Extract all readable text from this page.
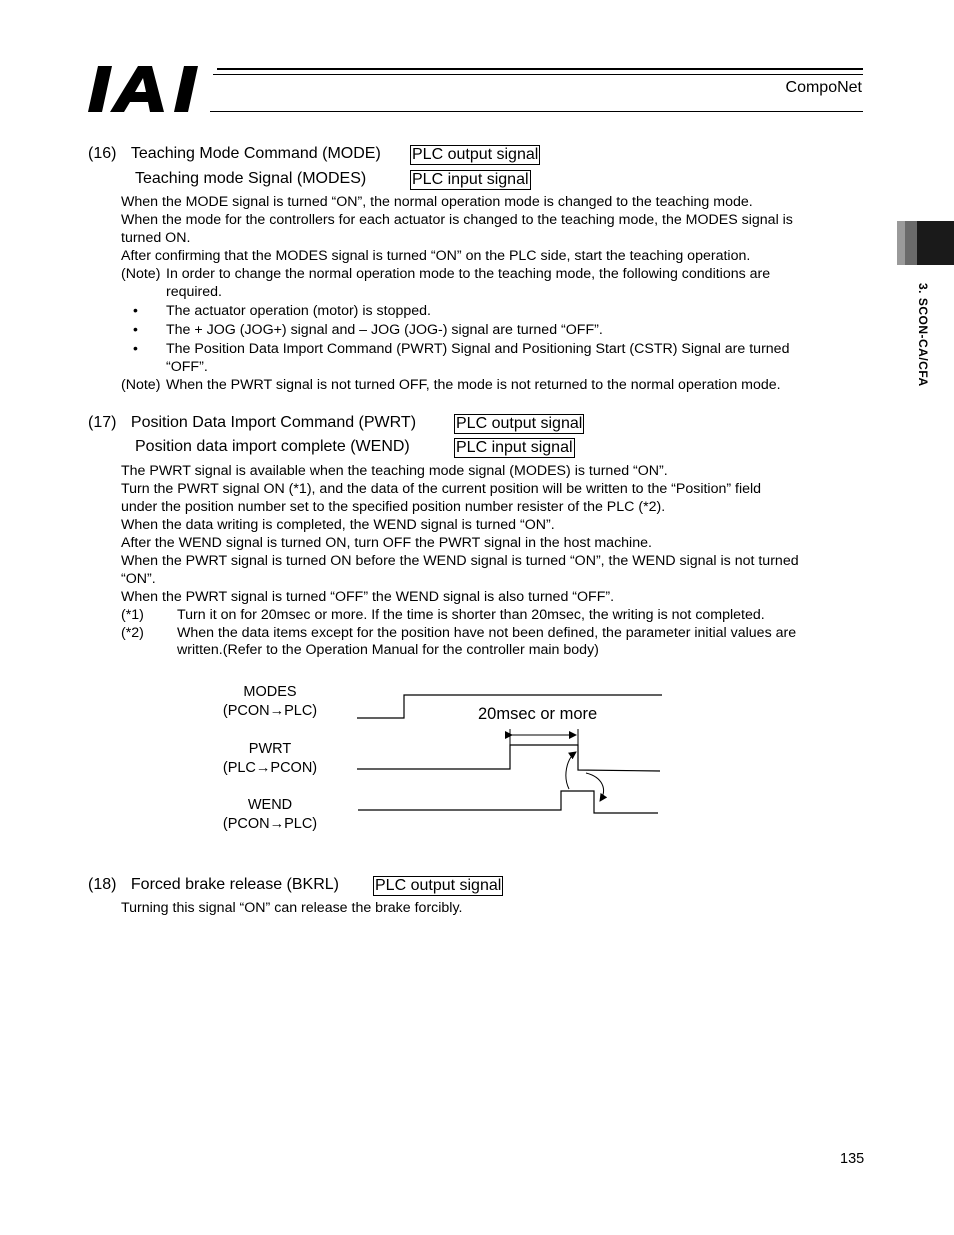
CompoNet
3. SCON-CA/CFA
(16) Teaching Mode Command (MODE) PLC output signal
Teaching mode Signal (MODES)	PLC input signal
When the MODE signal is turned “ON”, the normal operation mode is changed to the teaching mode.
When the mode for the controllers for each actuator is changed to the teaching mode, the MODES signal is
turned ON.
After confirming that the MODES signal is turned “ON” on the PLC side, start the teaching operation.
(Note) In order to change the normal operation mode to the teaching mode, the following conditions are
required.
• The actuator operation (motor) is stopped.
• The + JOG (JOG+) signal and – JOG (JOG-) signal are turned “OFF”.
• The Position Data Import Command (PWRT) Signal and Positioning Start (CSTR) Signal are turned
“OFF”.
(Note) When the PWRT signal is not turned OFF, the mode is not returned to the normal operation mode.
(17) Position Data Import Command (PWRT) PLC output signal
Position data import complete (WEND)	PLC input signal
The PWRT signal is available when the teaching mode signal (MODES) is turned “ON”.
Turn the PWRT signal ON (*1), and the data of the current position will be written to the “Position” field
under the position number set to the specified position number resister of the PLC (*2).
When the data writing is completed, the WEND signal is turned “ON”.
After the WEND signal is turned ON, turn OFF the PWRT signal in the host machine.
When the PWRT signal is turned ON before the WEND signal is turned “ON”, the WEND signal is not turned
“ON”.
When the PWRT signal is turned “OFF” the WEND signal is also turned “OFF”.
(*1) Turn it on for 20msec or more. If the time is shorter than 20msec, the writing is not completed.
(*2) When the data items except for the position have not been defined, the parameter initial values are
written.(Refer to the Operation Manual for the controller main body)
MODES
(PCON→PLC)
PWRT
(PLC→PCON)
WEND
(PCON→PLC)
20msec or more
(18) Forced brake release (BKRL) PLC output signal
Turning this signal “ON” can release the brake forcibly.
135
